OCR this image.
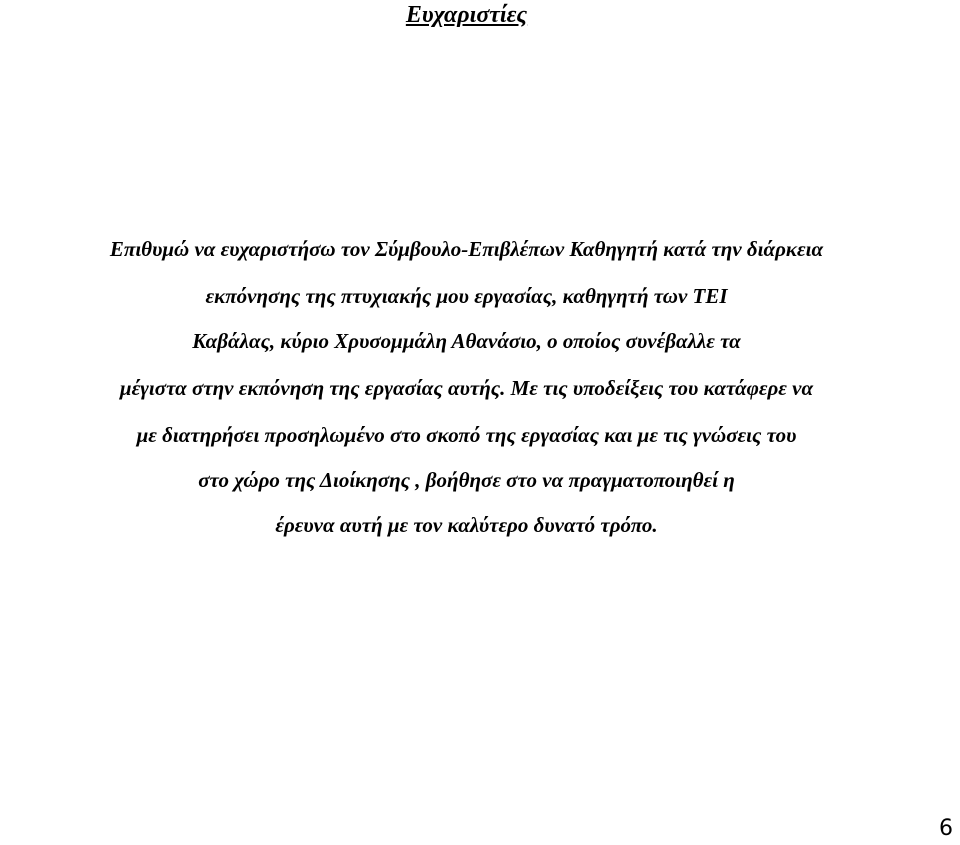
Ευχαριστίες
Επιθυμώ να ευχαριστήσω τον Σύμβουλο-Επιβλέπων Καθηγητή κατά την διάρκεια
εκπόνησης της πτυχιακής μου εργασίας, καθηγητή των ΤΕΙ
Καβάλας, κύριο Χρυσομμάλη Αθανάσιο, ο οποίος συνέβαλλε τα
μέγιστα στην εκπόνηση της εργασίας αυτής. Με τις υποδείξεις του κατάφερε να
με διατηρήσει προσηλωμένο στο σκοπό της εργασίας και με τις γνώσεις του
στο χώρο της Διοίκησης , βοήθησε στο να πραγματοποιηθεί η
έρευνα αυτή με τον καλύτερο δυνατό τρόπο.
6
